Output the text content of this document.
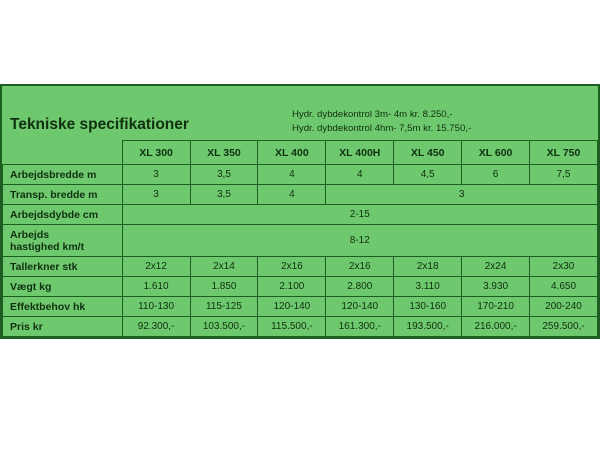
Tekniske specifikationer
Hydr. dybdekontrol 3m- 4m kr. 8.250,-
Hydr. dybdekontrol 4hm- 7,5m kr. 15.750,-
	XL 300	XL 350	XL 400	XL 400H	XL 450	XL 600	XL 750
Arbejdsbredde m	3	3,5	4	4	4,5	6	7,5
Transp. bredde m	3	3,5	4	3			
Arbejdsdybde cm	2-15						

Arbejds
hastighed km/t	8-12						
Tallerkner stk	2x12	2x14	2x16	2x16	2x18	2x24	2x30
Vægt kg	1.610	1.850	2.100	2.800	3.110	3.930	4.650
Effektbehov hk	110-130	115-125	120-140	120-140	130-160	170-210	200-240
Pris kr	92.300,-	103.500,-	115.500,-	161.300,-	193.500,-	216.000,-	259.500,-
